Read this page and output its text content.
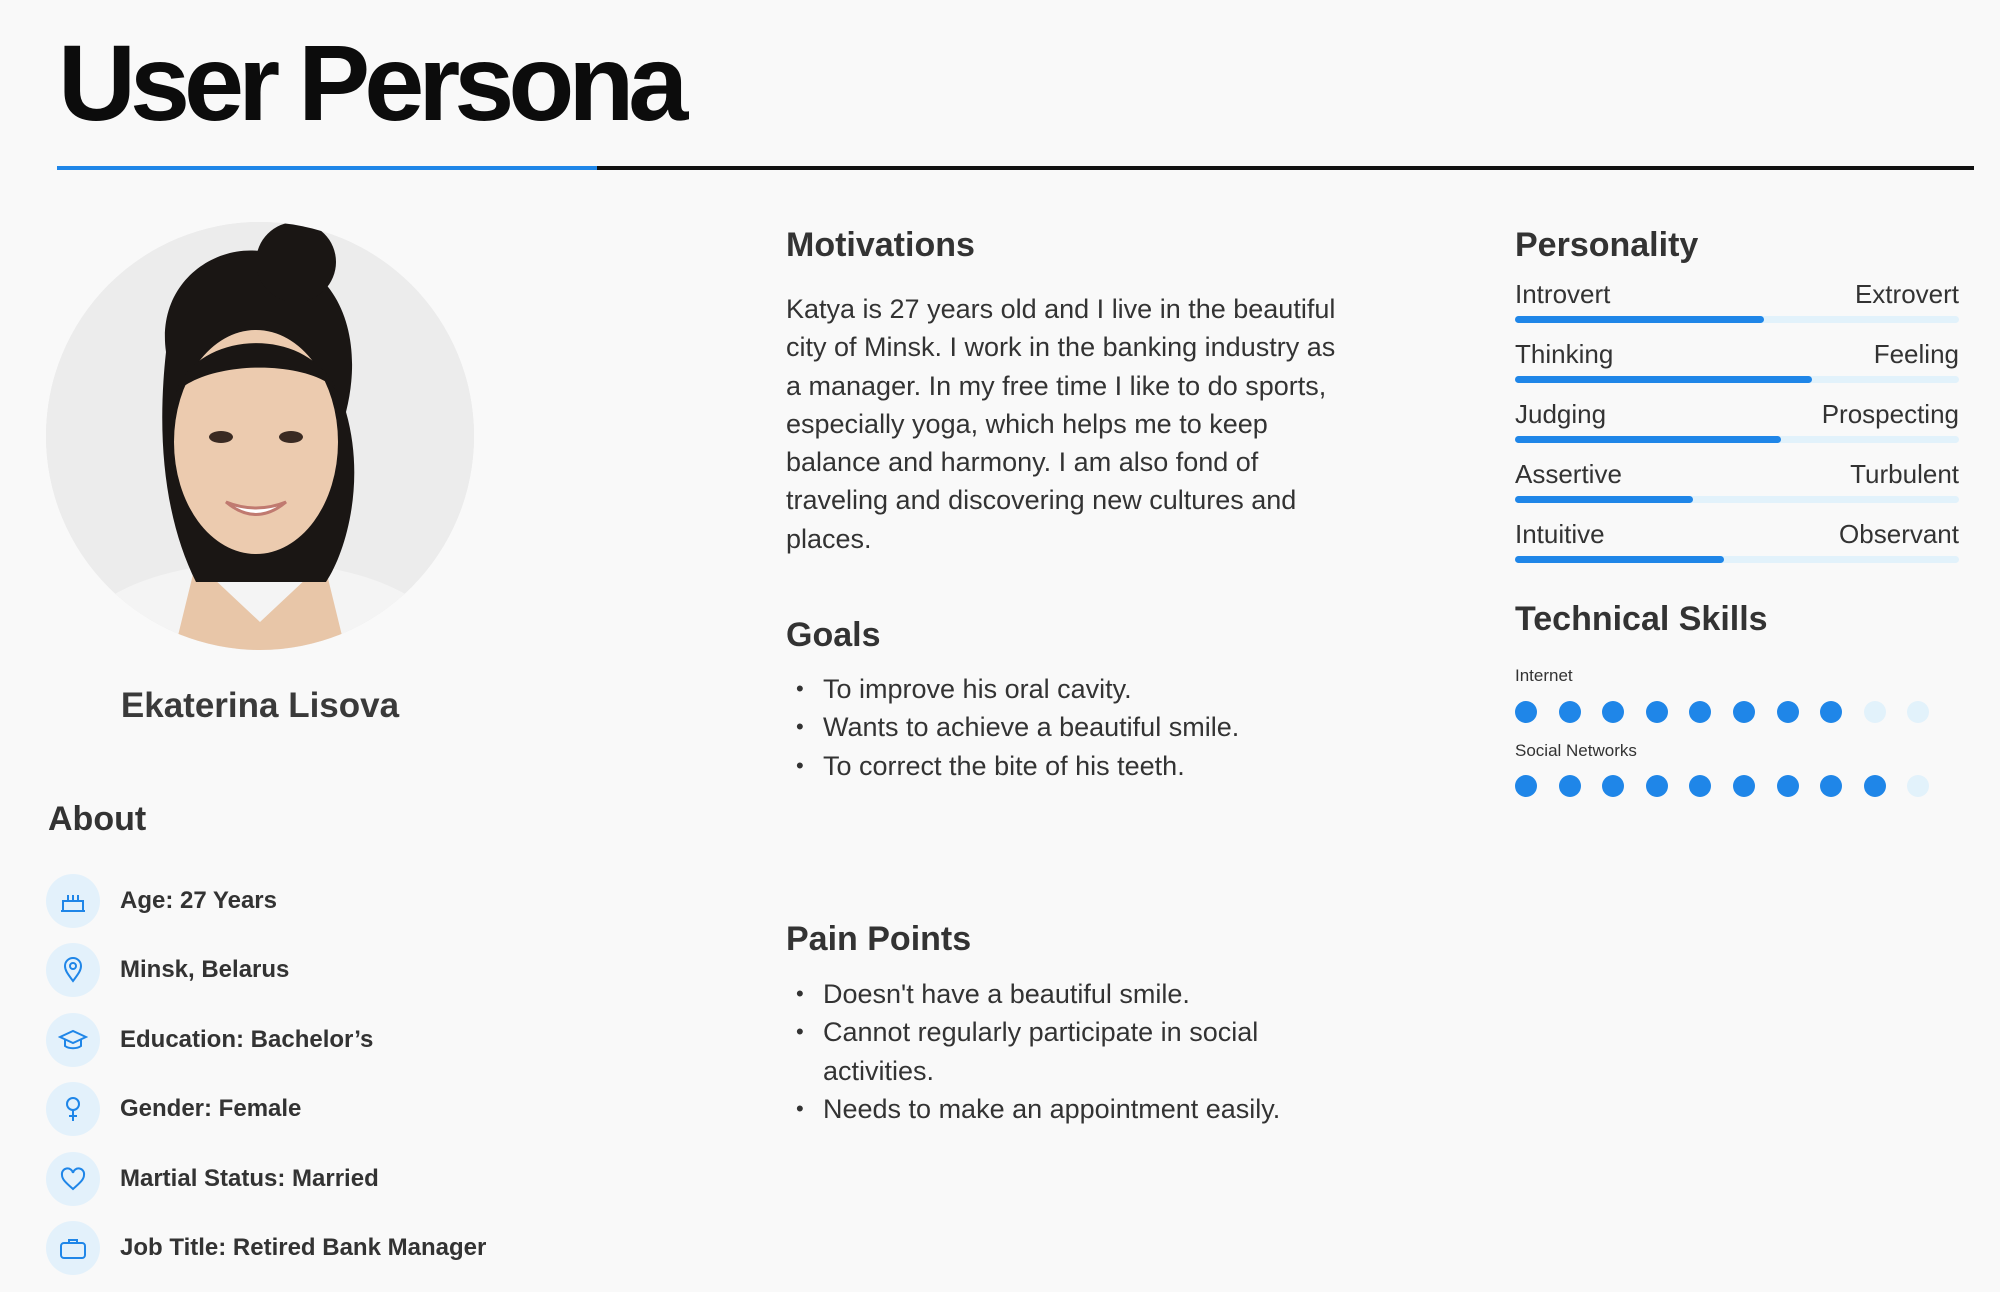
User Persona
Ekaterina Lisova
About
Age: 27 Years
Minsk, Belarus
Education: Bachelor’s
Gender: Female
Martial Status: Married
Job Title: Retired Bank Manager
Motivations
Katya is 27 years old and I live in the beautiful city of Minsk. I work in the banking industry as a manager. In my free time I like to do sports, especially yoga, which helps me to keep balance and harmony. I am also fond of traveling and discovering new cultures and places.
Goals
• To improve his oral cavity.
• Wants to achieve a beautiful smile.
• To correct the bite of his teeth.
Pain Points
• Doesn't have a beautiful smile.
• Cannot regularly participate in social activities.
• Needs to make an appointment easily.
Personality
Introvert	Extrovert
Thinking	Feeling
Judging	Prospecting
Assertive	Turbulent
Intuitive	Observant
Technical Skills
Internet
Social Networks
